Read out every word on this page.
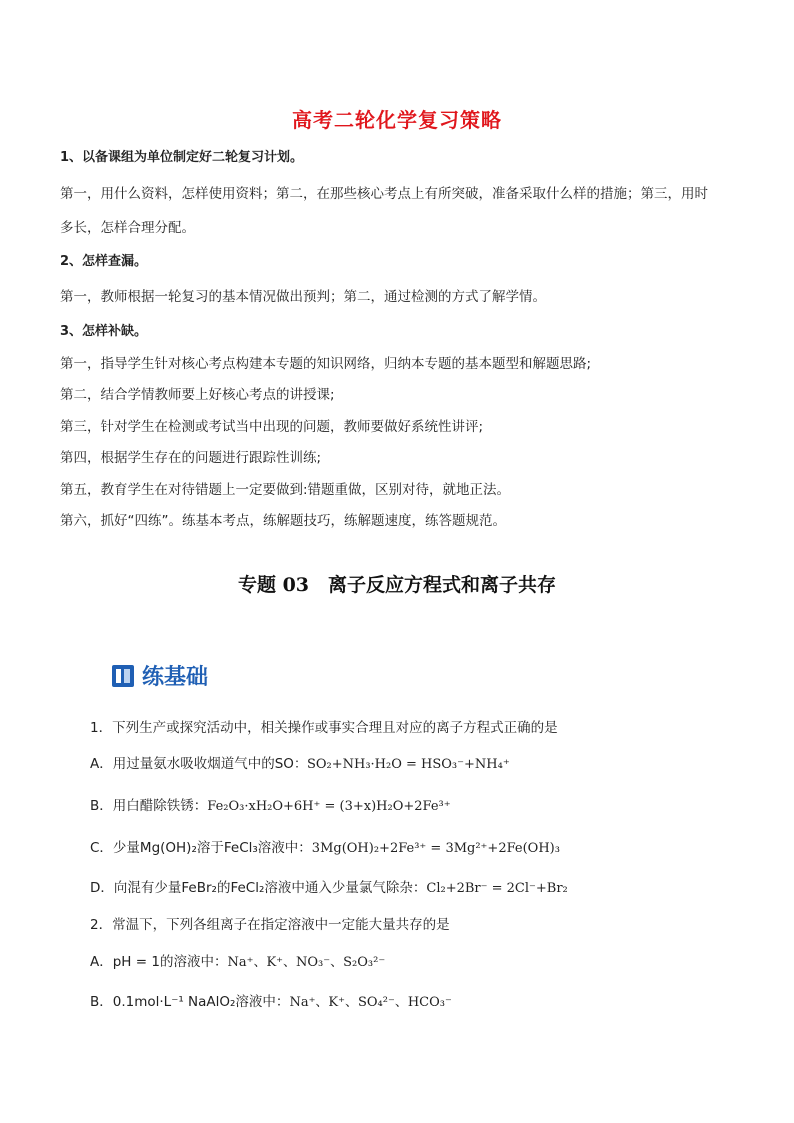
高考二轮化学复习策略
1、以备课组为单位制定好二轮复习计划。
第一，用什么资料，怎样使用资料；第二，在那些核心考点上有所突破，准备采取什么样的措施；第三，用时
多长，怎样合理分配。
2、怎样查漏。
第一，教师根据一轮复习的基本情况做出预判；第二，通过检测的方式了解学情。
3、怎样补缺。
第一，指导学生针对核心考点构建本专题的知识网络，归纳本专题的基本题型和解题思路;
第二，结合学情教师要上好核心考点的讲授课;
第三，针对学生在检测或考试当中出现的问题，教师要做好系统性讲评;
第四，根据学生存在的问题进行跟踪性训练;
第五，教育学生在对待错题上一定要做到:错题重做，区别对待，就地正法。
第六，抓好“四练”。练基本考点，练解题技巧，练解题速度，练答题规范。
专题 03　离子反应方程式和离子共存
练基础
1．下列生产或探究活动中，相关操作或事实合理且对应的离子方程式正确的是
A．用过量氨水吸收烟道气中的SO：SO₂+NH₃·H₂O = HSO₃⁻+NH₄⁺
B．用白醋除铁锈：Fe₂O₃·xH₂O+6H⁺ = (3+x)H₂O+2Fe³⁺
C．少量Mg(OH)₂溶于FeCl₃溶液中：3Mg(OH)₂+2Fe³⁺ = 3Mg²⁺+2Fe(OH)₃
D．向混有少量FeBr₂的FeCl₂溶液中通入少量氯气除杂：Cl₂+2Br⁻ = 2Cl⁻+Br₂
2．常温下，下列各组离子在指定溶液中一定能大量共存的是
A．pH = 1的溶液中：Na⁺、K⁺、NO₃⁻、S₂O₃²⁻
B．0.1mol·L⁻¹ NaAlO₂溶液中：Na⁺、K⁺、SO₄²⁻、HCO₃⁻
